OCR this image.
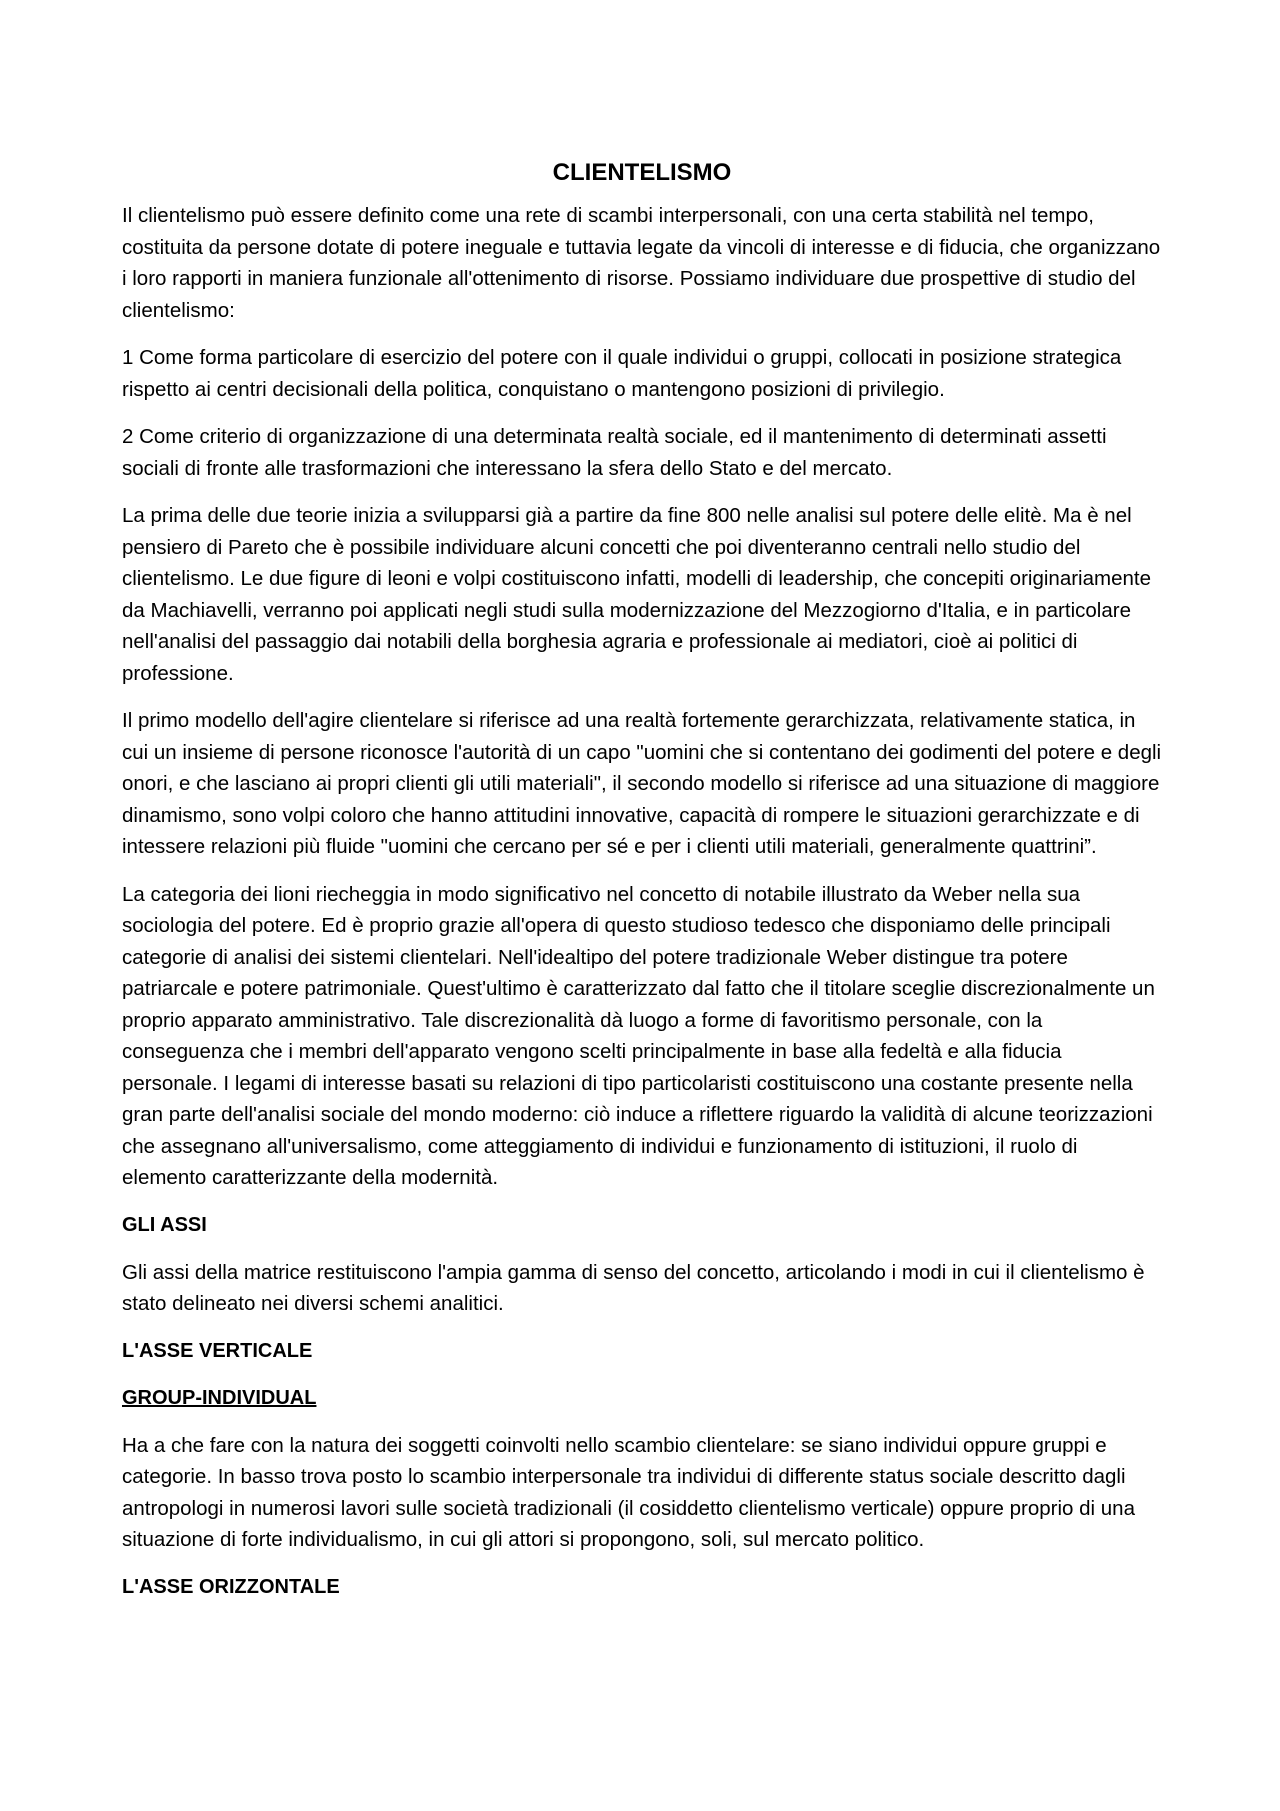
CLIENTELISMO

Il clientelismo può essere definito come una rete di scambi interpersonali, con una certa stabilità nel tempo, costituita da persone dotate di potere ineguale e tuttavia legate da vincoli di interesse e di fiducia, che organizzano i loro rapporti in maniera funzionale all'ottenimento di risorse. Possiamo individuare due prospettive di studio del clientelismo:

1 Come forma particolare di esercizio del potere con il quale individui o gruppi, collocati in posizione strategica rispetto ai centri decisionali della politica, conquistano o mantengono posizioni di privilegio.

2 Come criterio di organizzazione di una determinata realtà sociale, ed il mantenimento di determinati assetti sociali di fronte alle trasformazioni che interessano la sfera dello Stato e del mercato.

La prima delle due teorie inizia a svilupparsi già a partire da fine 800 nelle analisi sul potere delle elitè. Ma è nel pensiero di Pareto che è possibile individuare alcuni concetti che poi diventeranno centrali nello studio del clientelismo. Le due figure di leoni e volpi costituiscono infatti, modelli di leadership, che concepiti originariamente da Machiavelli, verranno poi applicati negli studi sulla modernizzazione del Mezzogiorno d'Italia, e in particolare nell'analisi del passaggio dai notabili della borghesia agraria e professionale ai mediatori, cioè ai politici di professione.

Il primo modello dell'agire clientelare si riferisce ad una realtà fortemente gerarchizzata, relativamente statica, in cui un insieme di persone riconosce l'autorità di un capo "uomini che si contentano dei godimenti del potere e degli onori, e che lasciano ai propri clienti gli utili materiali", il secondo modello si riferisce ad una situazione di maggiore dinamismo, sono volpi coloro che hanno attitudini innovative, capacità di rompere le situazioni gerarchizzate e di intessere relazioni più fluide "uomini che cercano per sé e per i clienti utili materiali, generalmente quattrini”.

La categoria dei lioni riecheggia in modo significativo nel concetto di notabile illustrato da Weber nella sua sociologia del potere. Ed è proprio grazie all'opera di questo studioso tedesco che disponiamo delle principali categorie di analisi dei sistemi clientelari. Nell'idealtipo del potere tradizionale Weber distingue tra potere patriarcale e potere patrimoniale. Quest'ultimo è caratterizzato dal fatto che il titolare sceglie discrezionalmente un proprio apparato amministrativo. Tale discrezionalità dà luogo a forme di favoritismo personale, con la conseguenza che i membri dell'apparato vengono scelti principalmente in base alla fedeltà e alla fiducia personale. I legami di interesse basati su relazioni di tipo particolaristi costituiscono una costante presente nella gran parte dell'analisi sociale del mondo moderno: ciò induce a riflettere riguardo la validità di alcune teorizzazioni che assegnano all'universalismo, come atteggiamento di individui e funzionamento di istituzioni, il ruolo di elemento caratterizzante della modernità.

GLI ASSI

Gli assi della matrice restituiscono l'ampia gamma di senso del concetto, articolando i modi in cui il clientelismo è stato delineato nei diversi schemi analitici.

L'ASSE VERTICALE
GROUP-INDIVIDUAL

Ha a che fare con la natura dei soggetti coinvolti nello scambio clientelare: se siano individui oppure gruppi e categorie. In basso trova posto lo scambio interpersonale tra individui di differente status sociale descritto dagli antropologi in numerosi lavori sulle società tradizionali (il cosiddetto clientelismo verticale) oppure proprio di una situazione di forte individualismo, in cui gli attori si propongono, soli, sul mercato politico.

L'ASSE ORIZZONTALE
